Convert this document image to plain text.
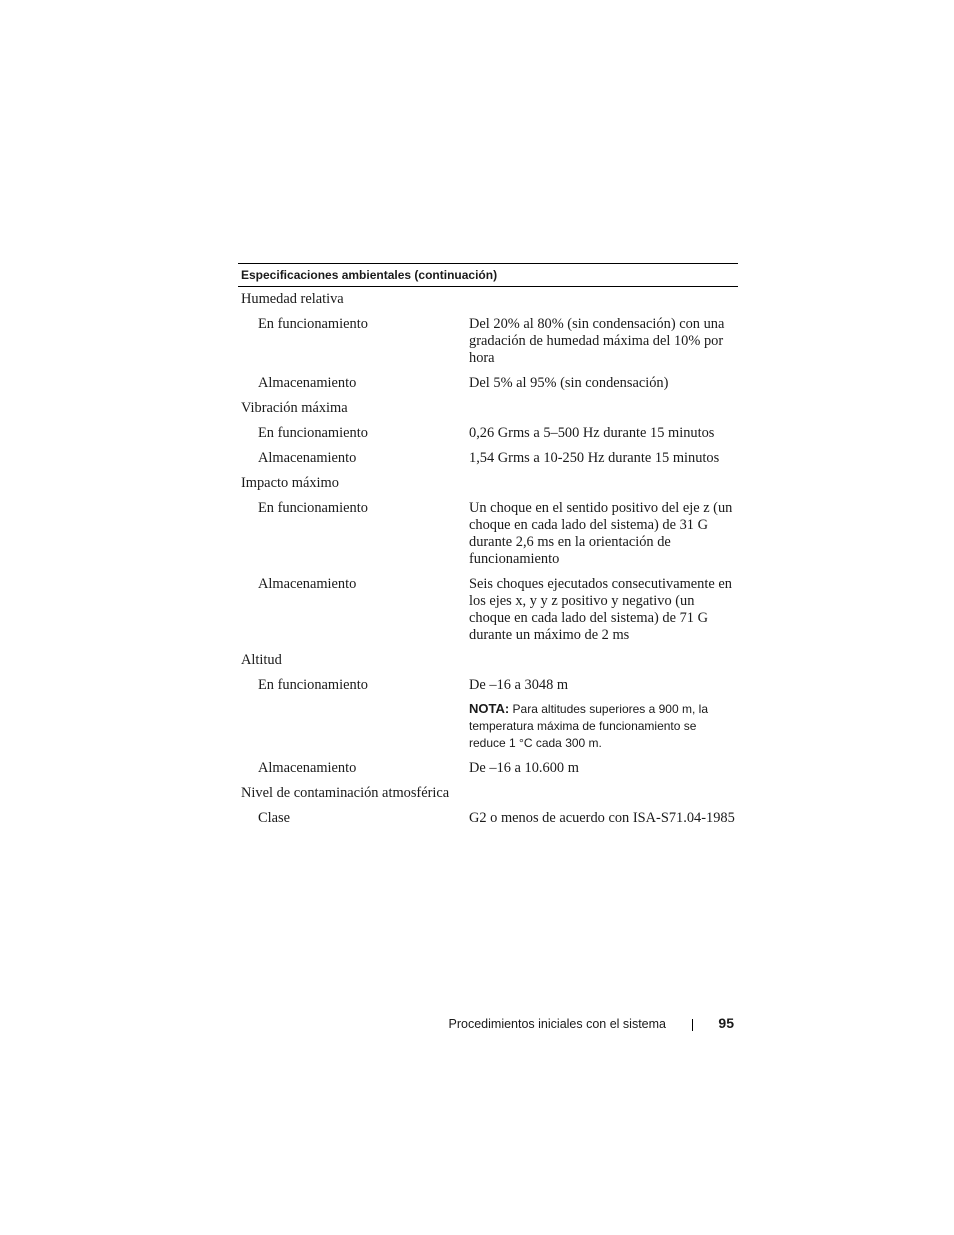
Especificaciones ambientales (continuación)
Humedad relativa
En funcionamiento	Del 20% al 80% (sin condensación) con una gradación de humedad máxima del 10% por hora
Almacenamiento	Del 5% al 95% (sin condensación)
Vibración máxima
En funcionamiento	0,26 Grms a 5–500 Hz durante 15 minutos
Almacenamiento	1,54 Grms a 10-250 Hz durante 15 minutos
Impacto máximo
En funcionamiento	Un choque en el sentido positivo del eje z (un choque en cada lado del sistema) de 31 G durante 2,6 ms en la orientación de funcionamiento
Almacenamiento	Seis choques ejecutados consecutivamente en los ejes x, y y z positivo y negativo (un choque en cada lado del sistema) de 71 G durante un máximo de 2 ms
Altitud
En funcionamiento	De –16 a 3048 m
NOTA: Para altitudes superiores a 900 m, la temperatura máxima de funcionamiento se reduce 1 °C cada 300 m.
Almacenamiento	De –16 a 10.600 m
Nivel de contaminación atmosférica
Clase	G2 o menos de acuerdo con ISA-S71.04-1985
Procedimientos iniciales con el sistema	95
